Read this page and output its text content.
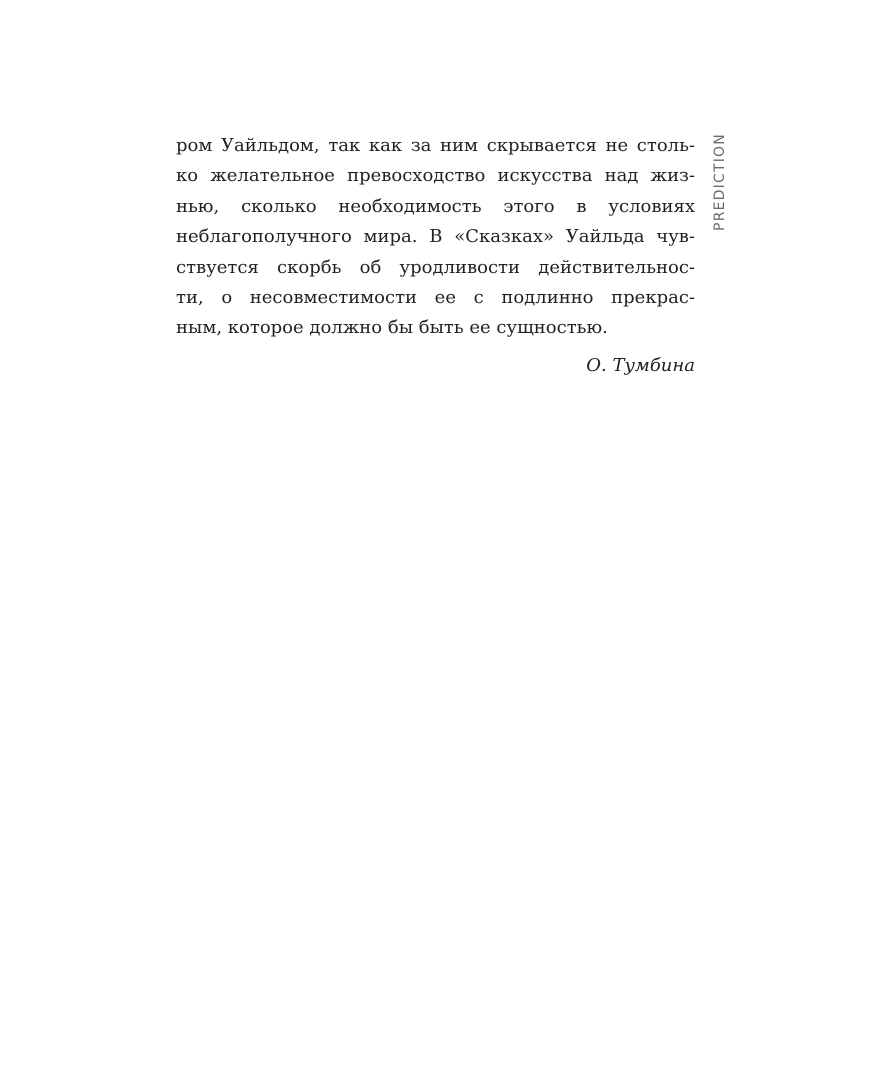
PREDICTION
ром Уайльдом, так как за ним скрывается не столь-
ко желательное превосходство искусства над жиз-
нью, сколько необходимость этого в условиях
неблагополучного мира. В «Сказках» Уайльда чув-
ствуется скорбь об уродливости действительнос-
ти, о несовместимости ее с подлинно прекрас-
ным, которое должно бы быть ее сущностью.
О. Тумбина
